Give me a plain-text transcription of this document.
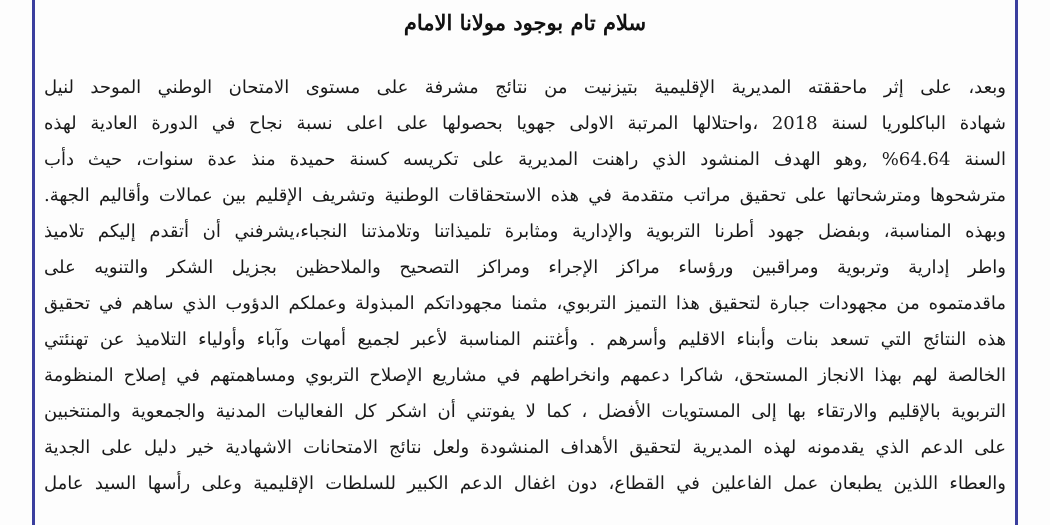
سلام تام بوجود مولانا الامام
وبعد، على إثر ماحققته المديرية الإقليمية بتيزنيت من نتائج مشرفة على مستوى الامتحان الوطني الموحد لنيل
شهادة الباكلوريا لسنة 2018 ،واحتلالها المرتبة الاولى جهويا بحصولها على اعلى نسبة نجاح في الدورة العادية لهذه
السنة 64.64% ,وهو الهدف المنشود الذي راهنت المديرية على تكريسه كسنة حميدة منذ عدة سنوات، حيث دأب
مترشحوها ومترشحاتها على تحقيق مراتب متقدمة في هذه الاستحقاقات الوطنية وتشريف الإقليم بين عمالات وأقاليم الجهة.
وبهذه المناسبة، وبفضل جهود أطرنا التربوية والإدارية ومثابرة تلميذاتنا وتلامذتنا النجباء،يشرفني أن أتقدم إليكم تلاميذ
واطر إدارية وتربوية ومراقبين ورؤساء مراكز الإجراء ومراكز التصحيح والملاحظين بجزيل الشكر والتنويه على
ماقدمتموه من مجهودات جبارة لتحقيق هذا التميز التربوي، مثمنا مجهوداتكم المبذولة وعملكم الدؤوب الذي ساهم في تحقيق
هذه النتائج التي تسعد بنات وأبناء الاقليم وأسرهم . وأغتنم المناسبة لأعبر لجميع أمهات وآباء وأولياء التلاميذ عن تهنئتي
الخالصة لهم بهذا الانجاز المستحق، شاكرا دعمهم وانخراطهم في مشاريع الإصلاح التربوي ومساهمتهم في إصلاح المنظومة
التربوية بالإقليم والارتقاء بها إلى المستويات الأفضل ، كما لا يفوتني أن اشكر كل الفعاليات المدنية والجمعوية والمنتخبين
على الدعم الذي يقدمونه لهذه المديرية لتحقيق الأهداف المنشودة ولعل نتائج الامتحانات الاشهادية خير دليل على الجدية
والعطاء اللذين يطبعان عمل الفاعلين في القطاع، دون اغفال الدعم الكبير للسلطات الإقليمية وعلى رأسها السيد عامل
